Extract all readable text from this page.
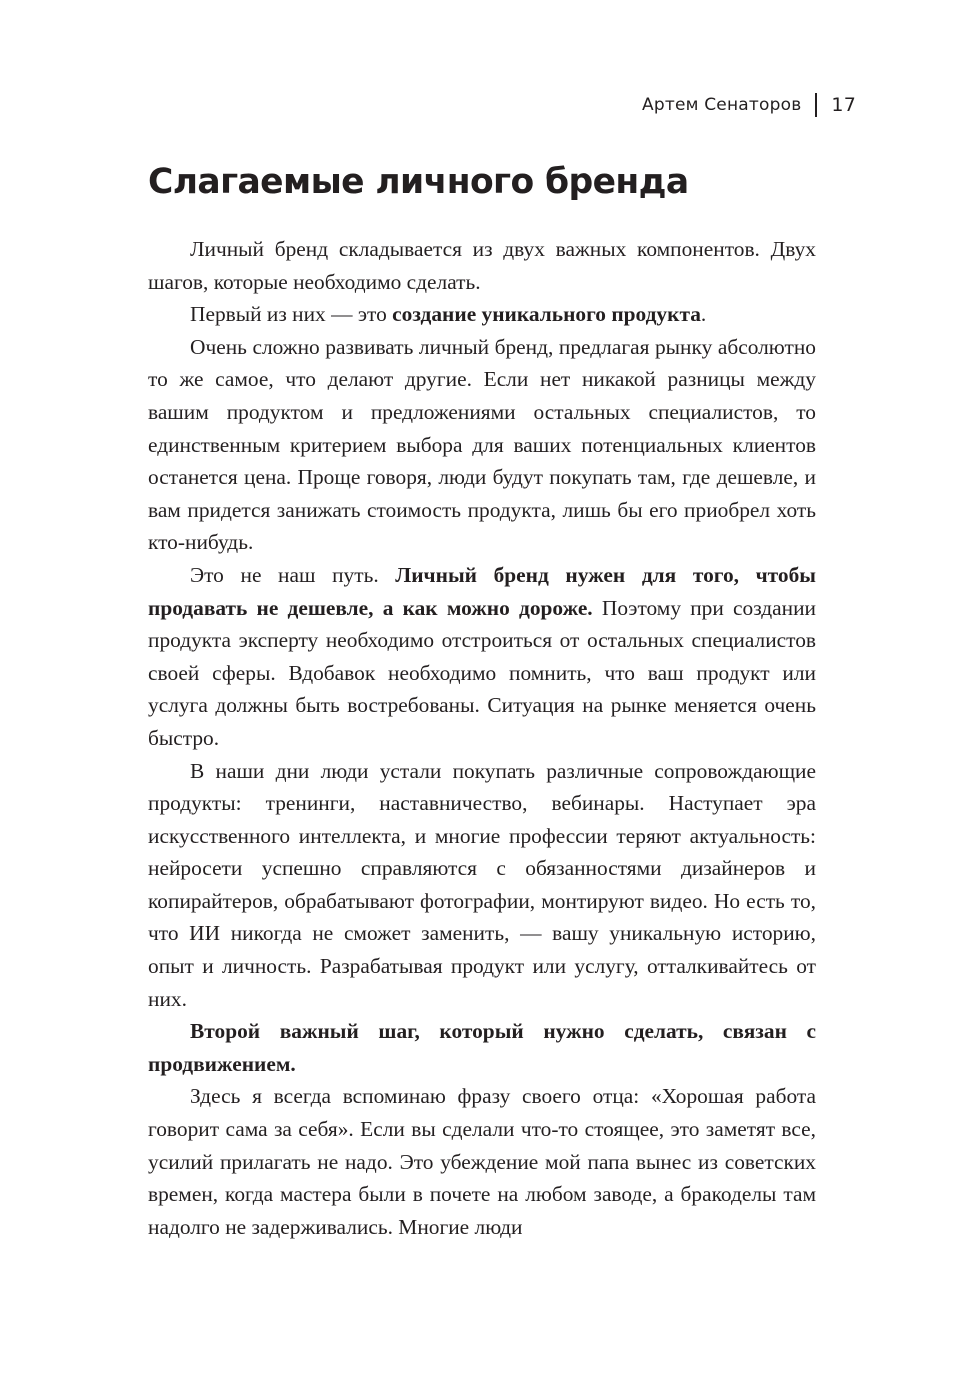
Артем Сенаторов 17
Слагаемые личного бренда

Личный бренд складывается из двух важных компонентов. Двух шагов, которые необходимо сделать.

Первый из них — это создание уникального продукта.

Очень сложно развивать личный бренд, предлагая рынку абсолютно то же самое, что делают другие. Если нет никакой разницы между вашим продуктом и предложениями остальных специалистов, то единственным критерием выбора для ваших потенциальных клиентов останется цена. Проще говоря, люди будут покупать там, где дешевле, и вам придется занижать стоимость продукта, лишь бы его приобрел хоть кто-нибудь.

Это не наш путь. Личный бренд нужен для того, чтобы продавать не дешевле, а как можно дороже. Поэтому при создании продукта эксперту необходимо отстроиться от остальных специалистов своей сферы. Вдобавок необходимо помнить, что ваш продукт или услуга должны быть востребованы. Ситуация на рынке меняется очень быстро.

В наши дни люди устали покупать различные сопровождающие продукты: тренинги, наставничество, вебинары. Наступает эра искусственного интеллекта, и многие профессии теряют актуальность: нейросети успешно справляются с обязанностями дизайнеров и копирайтеров, обрабатывают фотографии, монтируют видео. Но есть то, что ИИ никогда не сможет заменить, — вашу уникальную историю, опыт и личность. Разрабатывая продукт или услугу, отталкивайтесь от них.

Второй важный шаг, который нужно сделать, связан с продвижением.

Здесь я всегда вспоминаю фразу своего отца: «Хорошая работа говорит сама за себя». Если вы сделали что-то стоящее, это заметят все, усилий прилагать не надо. Это убеждение мой папа вынес из советских времен, когда мастера были в почете на любом заводе, а бракоделы там надолго не задерживались. Многие люди
